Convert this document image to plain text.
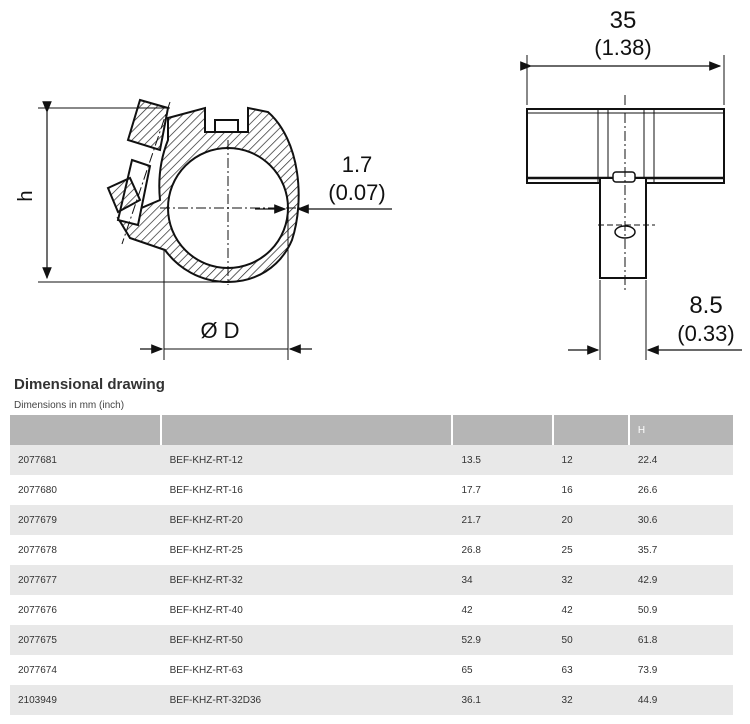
h
Ø D
1.7
(0.07)
35
(1.38)
8.5
(0.33)
Dimensional drawing
Dimensions in mm (inch)
				H
2077681	BEF-KHZ-RT-12	13.5	12	22.4
2077680	BEF-KHZ-RT-16	17.7	16	26.6
2077679	BEF-KHZ-RT-20	21.7	20	30.6
2077678	BEF-KHZ-RT-25	26.8	25	35.7
2077677	BEF-KHZ-RT-32	34	32	42.9
2077676	BEF-KHZ-RT-40	42	42	50.9
2077675	BEF-KHZ-RT-50	52.9	50	61.8
2077674	BEF-KHZ-RT-63	65	63	73.9
2103949	BEF-KHZ-RT-32D36	36.1	32	44.9
